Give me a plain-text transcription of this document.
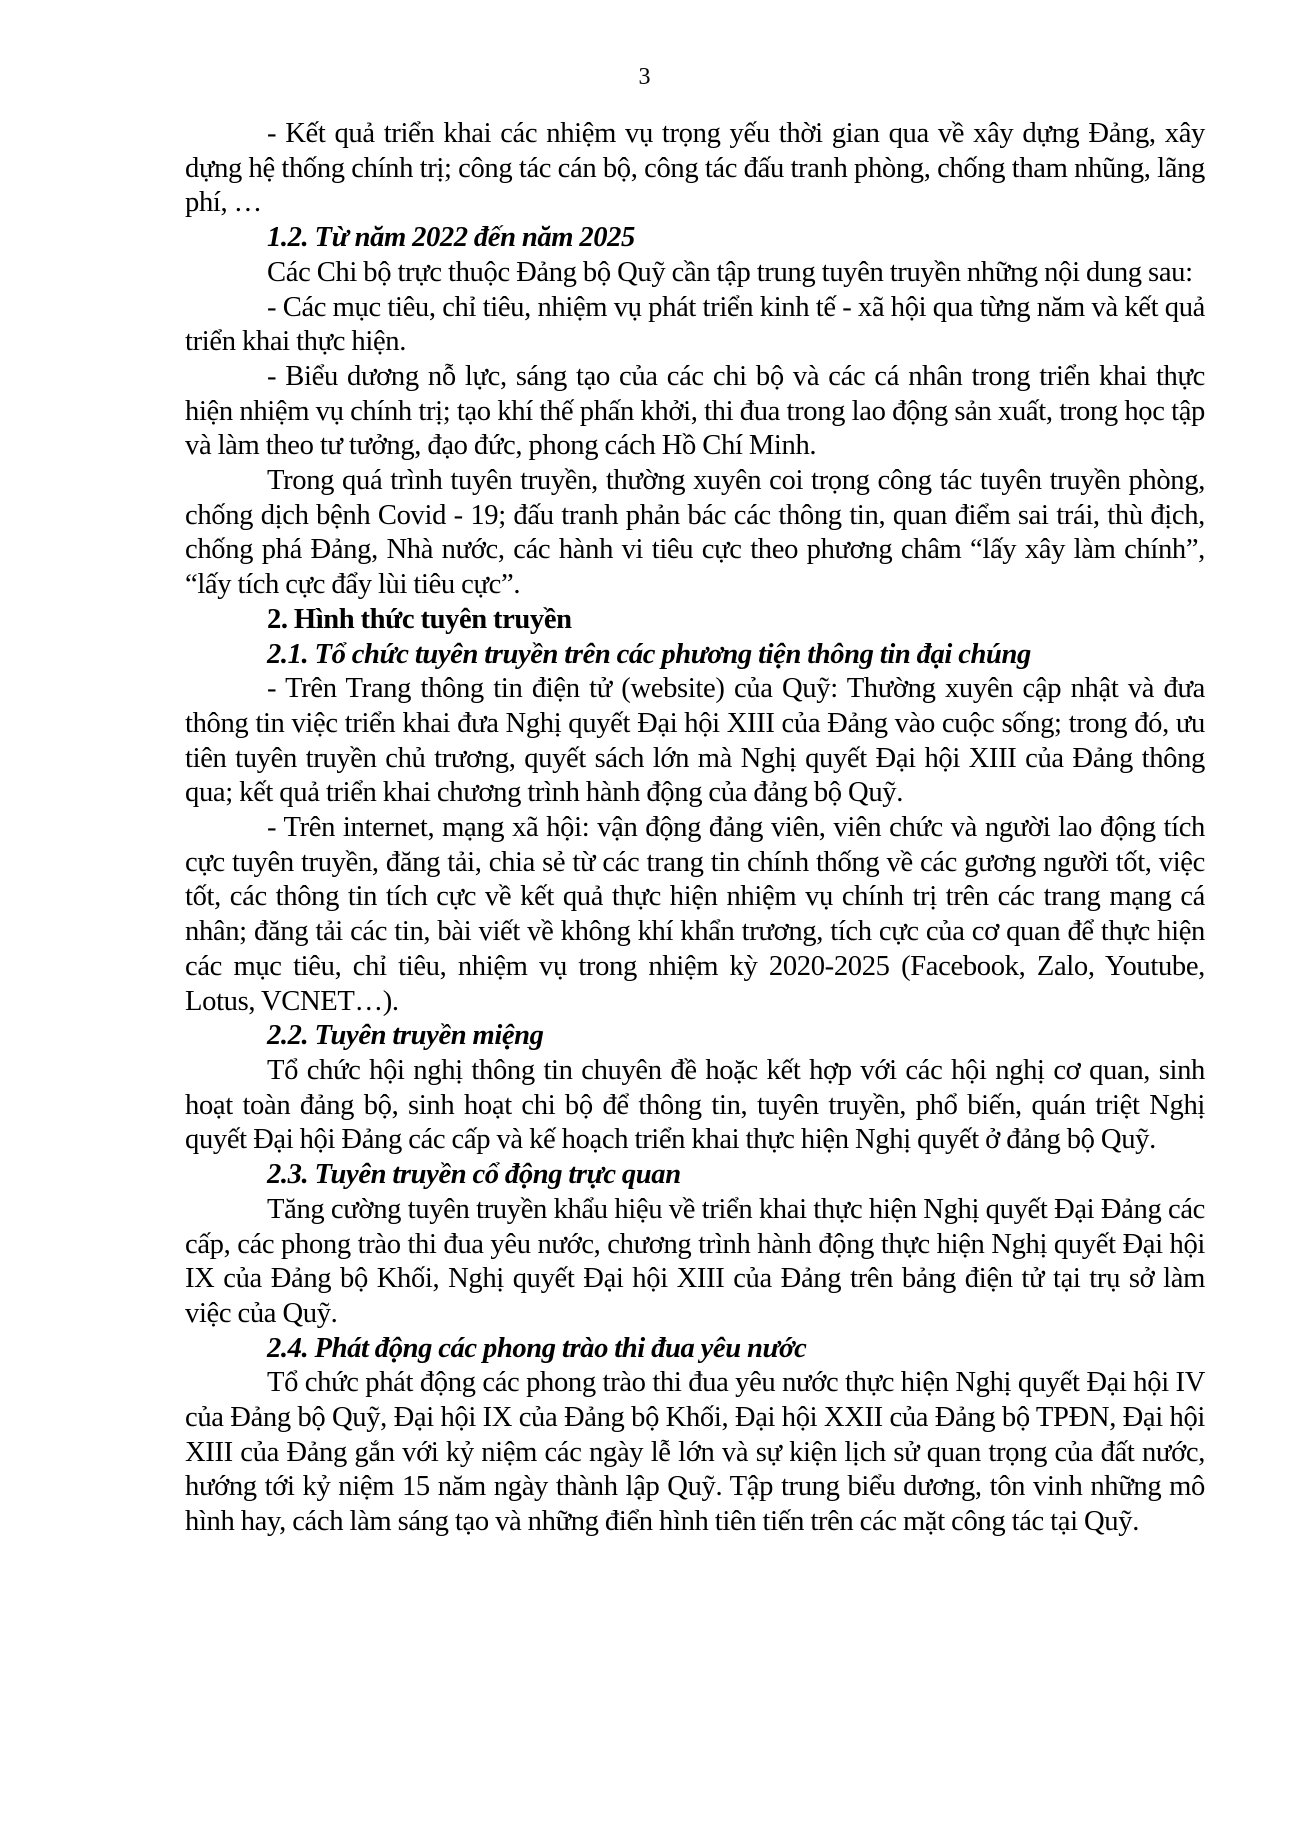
3

- Kết quả triển khai các nhiệm vụ trọng yếu thời gian qua về xây dựng Đảng, xây dựng hệ thống chính trị; công tác cán bộ, công tác đấu tranh phòng, chống tham nhũng, lãng phí, …

1.2. Từ năm 2022 đến năm 2025

Các Chi bộ trực thuộc Đảng bộ Quỹ cần tập trung tuyên truyền những nội dung sau:

- Các mục tiêu, chỉ tiêu, nhiệm vụ phát triển kinh tế - xã hội qua từng năm và kết quả triển khai thực hiện.

- Biểu dương nỗ lực, sáng tạo của các chi bộ và các cá nhân trong triển khai thực hiện nhiệm vụ chính trị; tạo khí thế phấn khởi, thi đua trong lao động sản xuất, trong học tập và làm theo tư tưởng, đạo đức, phong cách Hồ Chí Minh.

Trong quá trình tuyên truyền, thường xuyên coi trọng công tác tuyên truyền phòng, chống dịch bệnh Covid - 19; đấu tranh phản bác các thông tin, quan điểm sai trái, thù địch, chống phá Đảng, Nhà nước, các hành vi tiêu cực theo phương châm “lấy xây làm chính”, “lấy tích cực đẩy lùi tiêu cực”.

2. Hình thức tuyên truyền
2.1. Tổ chức tuyên truyền trên các phương tiện thông tin đại chúng

- Trên Trang thông tin điện tử (website) của Quỹ: Thường xuyên cập nhật và đưa thông tin việc triển khai đưa Nghị quyết Đại hội XIII của Đảng vào cuộc sống; trong đó, ưu tiên tuyên truyền chủ trương, quyết sách lớn mà Nghị quyết Đại hội XIII của Đảng thông qua; kết quả triển khai chương trình hành động của đảng bộ Quỹ.

- Trên internet, mạng xã hội: vận động đảng viên, viên chức và người lao động tích cực tuyên truyền, đăng tải, chia sẻ từ các trang tin chính thống về các gương người tốt, việc tốt, các thông tin tích cực về kết quả thực hiện nhiệm vụ chính trị trên các trang mạng cá nhân; đăng tải các tin, bài viết về không khí khẩn trương, tích cực của cơ quan để thực hiện các mục tiêu, chỉ tiêu, nhiệm vụ trong nhiệm kỳ 2020-2025 (Facebook, Zalo, Youtube, Lotus, VCNET…).

2.2. Tuyên truyền miệng

Tổ chức hội nghị thông tin chuyên đề hoặc kết hợp với các hội nghị cơ quan, sinh hoạt toàn đảng bộ, sinh hoạt chi bộ để thông tin, tuyên truyền, phổ biến, quán triệt Nghị quyết Đại hội Đảng các cấp và kế hoạch triển khai thực hiện Nghị quyết ở đảng bộ Quỹ.

2.3. Tuyên truyền cổ động trực quan

Tăng cường tuyên truyền khẩu hiệu về triển khai thực hiện Nghị quyết Đại Đảng các cấp, các phong trào thi đua yêu nước, chương trình hành động thực hiện Nghị quyết Đại hội IX của Đảng bộ Khối, Nghị quyết Đại hội XIII của Đảng trên bảng điện tử tại trụ sở làm việc của Quỹ.

2.4. Phát động các phong trào thi đua yêu nước

Tổ chức phát động các phong trào thi đua yêu nước thực hiện Nghị quyết Đại hội IV của Đảng bộ Quỹ, Đại hội IX của Đảng bộ Khối, Đại hội XXII của Đảng bộ TPĐN, Đại hội XIII của Đảng gắn với kỷ niệm các ngày lễ lớn và sự kiện lịch sử quan trọng của đất nước, hướng tới kỷ niệm 15 năm ngày thành lập Quỹ. Tập trung biểu dương, tôn vinh những mô hình hay, cách làm sáng tạo và những điển hình tiên tiến trên các mặt công tác tại Quỹ.
